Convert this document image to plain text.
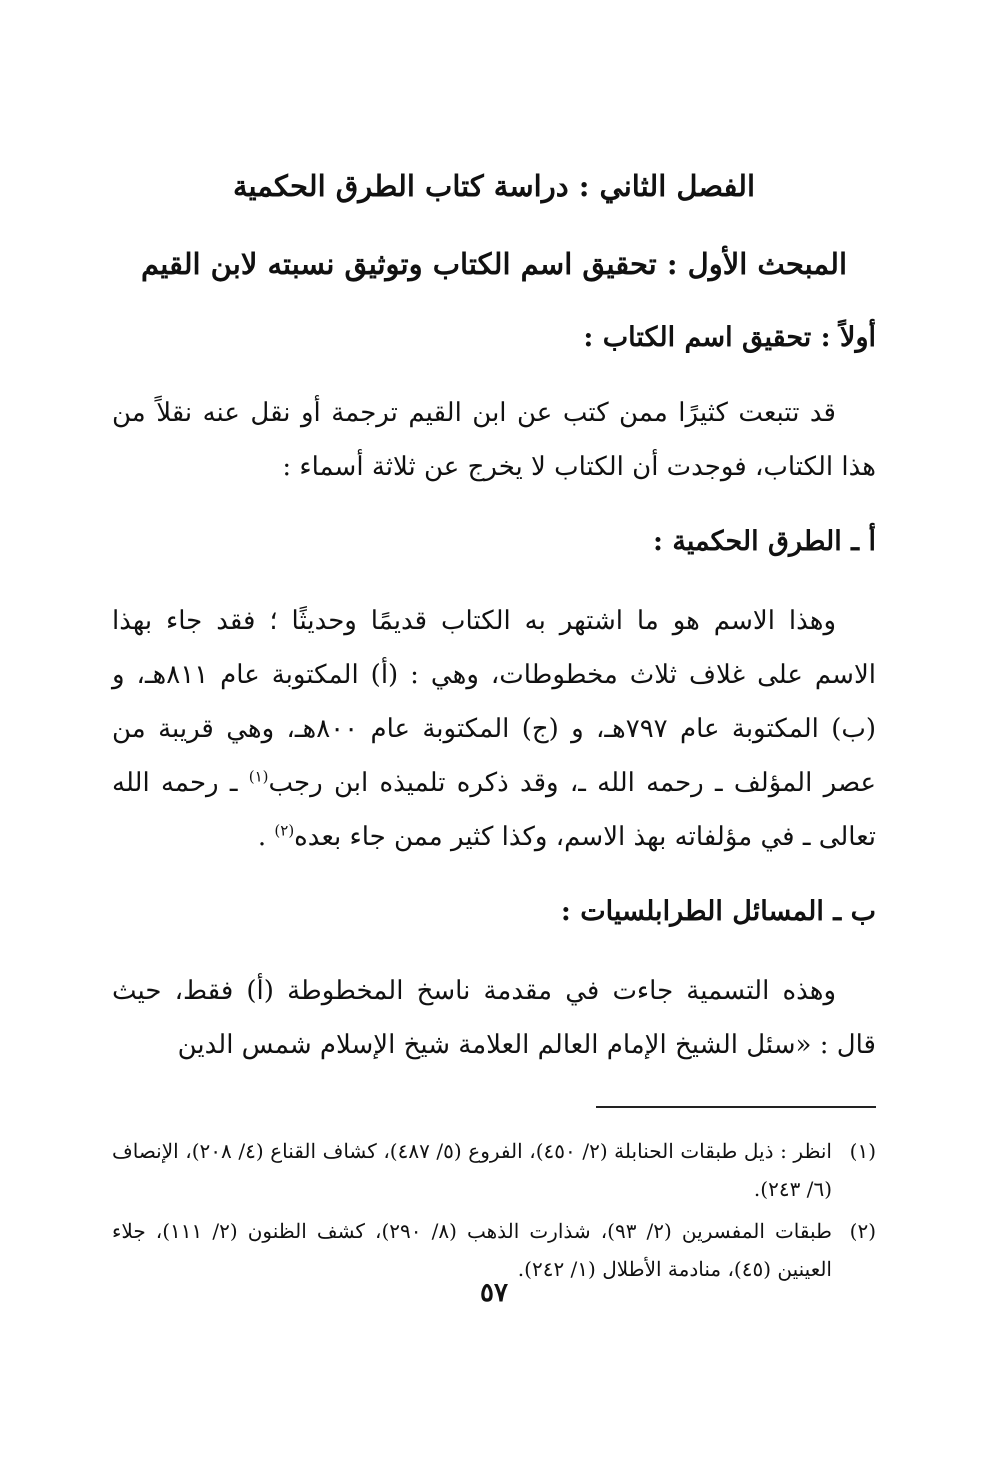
الفصل الثاني : دراسة كتاب الطرق الحكمية
المبحث الأول : تحقيق اسم الكتاب وتوثيق نسبته لابن القيم
أولاً : تحقيق اسم الكتاب :

قد تتبعت كثيرًا ممن كتب عن ابن القيم ترجمة أو نقل عنه نقلاً من هذا الكتاب، فوجدت أن الكتاب لا يخرج عن ثلاثة أسماء :

أ ـ الطرق الحكمية :

وهذا الاسم هو ما اشتهر به الكتاب قديمًا وحديثًا ؛ فقد جاء بهذا الاسم على غلاف ثلاث مخطوطات، وهي : (أ) المكتوبة عام ٨١١هـ، و (ب) المكتوبة عام ٧٩٧هـ، و (ج) المكتوبة عام ٨٠٠هـ، وهي قريبة من عصر المؤلف ـ رحمه الله ـ، وقد ذكره تلميذه ابن رجب$^{(١)}$ ـ رحمه الله تعالى ـ في مؤلفاته بهذ الاسم، وكذا كثير ممن جاء بعده$^{(٢)}$ .

ب ـ المسائل الطرابلسيات :

وهذه التسمية جاءت في مقدمة ناسخ المخطوطة (أ) فقط، حيث قال : «سئل الشيخ الإمام العالم العلامة شيخ الإسلام شمس الدين

(١)
انظر : ذيل طبقات الحنابلة (٢/ ٤٥٠)، الفروع (٥/ ٤٨٧)، كشاف القناع (٤/ ٢٠٨)، الإنصاف (٦/ ٢٤٣).
(٢)
طبقات المفسرين (٢/ ٩٣)، شذارت الذهب (٨/ ٢٩٠)، كشف الظنون (٢/ ١١١)، جلاء العينين (٤٥)، منادمة الأطلال (١/ ٢٤٢).
٥٧
